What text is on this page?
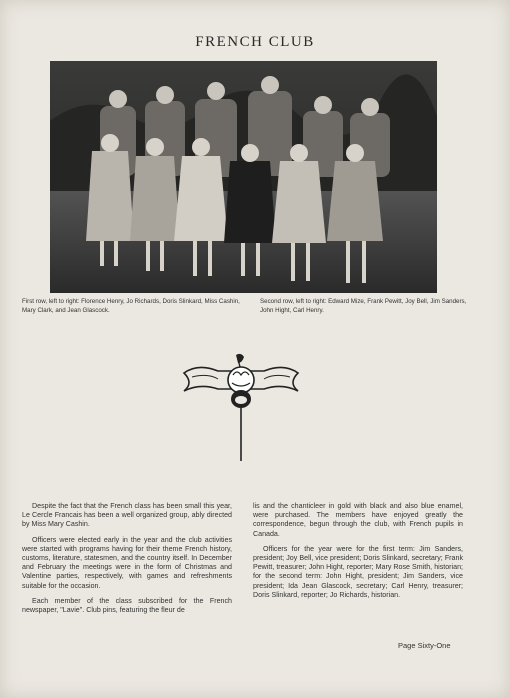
FRENCH CLUB
First row, left to right: Florence Henry, Jo Richards, Doris Slinkard, Miss Cashin, Mary Clark, and Jean Glascock.
Second row, left to right: Edward Mize, Frank Pewitt, Joy Bell, Jim Sanders, John Hight, Carl Henry.

Despite the fact that the French class has been small this year, Le Cercle Francais has been a well organized group, ably directed by Miss Mary Cashin.

Officers were elected early in the year and the club activities were started with programs having for their theme French history, customs, literature, statesmen, and the country itself. In December and February the meetings were in the form of Christmas and Valentine parties, respectively, with games and refreshments suitable for the occasion.

Each member of the class subscribed for the French newspaper, "Lavie". Club pins, featuring the fleur de

lis and the chanticleer in gold with black and also blue enamel, were purchased. The members have enjoyed greatly the correspondence, begun through the club, with French pupils in Canada.

Officers for the year were for the first term: Jim Sanders, president; Joy Bell, vice president; Doris Slinkard, secretary; Frank Pewitt, treasurer; John Hight, reporter; Mary Rose Smith, historian; for the second term: John Hight, president; Jim Sanders, vice president; Ida Jean Glascock, secretary; Carl Henry, treasurer; Doris Slinkard, reporter; Jo Richards, historian.

Page Sixty-One
